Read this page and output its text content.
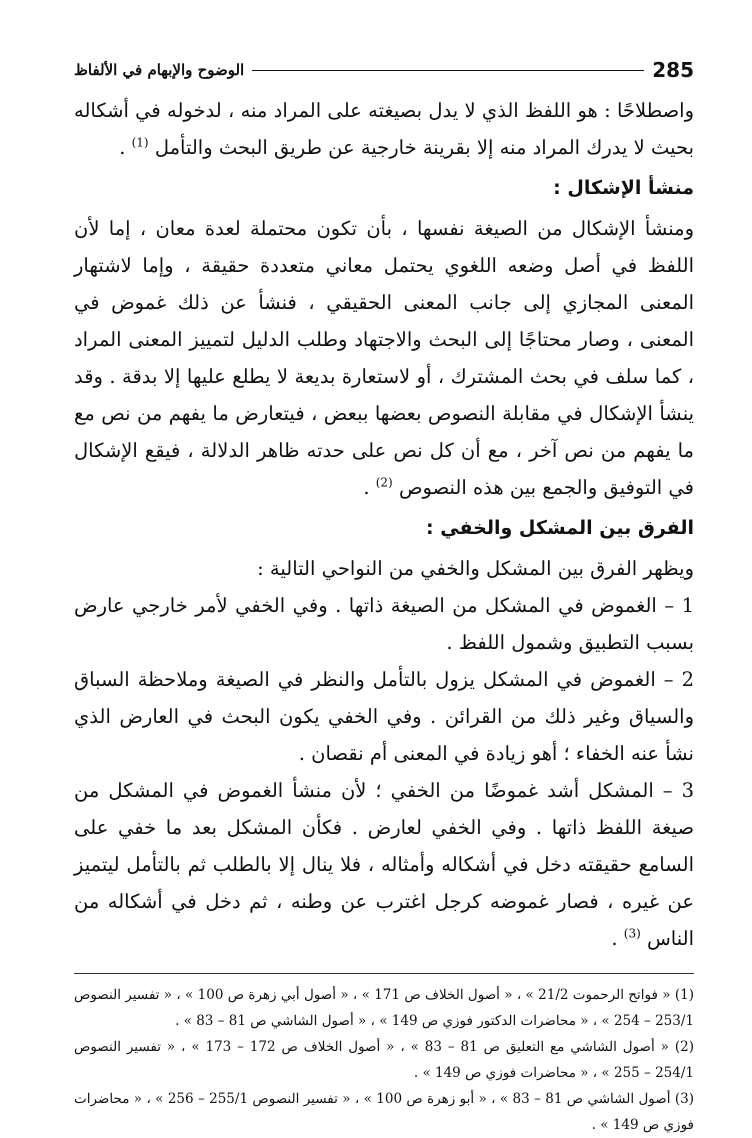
285
الوضوح والإبهام في الألفاظ

واصطلاحًا : هو اللفظ الذي لا يدل بصيغته على المراد منه ، لدخوله في أشكاله بحيث لا يدرك المراد منه إلا بقرينة خارجية عن طريق البحث والتأمل $^{(1)}$ .

منشأ الإشكال :

ومنشأ الإشكال من الصيغة نفسها ، بأن تكون محتملة لعدة معان ، إما لأن اللفظ في أصل وضعه اللغوي يحتمل معاني متعددة حقيقة ، وإما لاشتهار المعنى المجازي إلى جانب المعنى الحقيقي ، فنشأ عن ذلك غموض في المعنى ، وصار محتاجًا إلى البحث والاجتهاد وطلب الدليل لتمييز المعنى المراد ، كما سلف في بحث المشترك ، أو لاستعارة بديعة لا يطلع عليها إلا بدقة . وقد ينشأ الإشكال في مقابلة النصوص بعضها ببعض ، فيتعارض ما يفهم من نص مع ما يفهم من نص آخر ، مع أن كل نص على حدته ظاهر الدلالة ، فيقع الإشكال في التوفيق والجمع بين هذه النصوص $^{(2)}$ .

الفرق بين المشكل والخفي :

ويظهر الفرق بين المشكل والخفي من النواحي التالية :

1 – الغموض في المشكل من الصيغة ذاتها . وفي الخفي لأمر خارجي عارض بسبب التطبيق وشمول اللفظ .

2 – الغموض في المشكل يزول بالتأمل والنظر في الصيغة وملاحظة السباق والسياق وغير ذلك من القرائن . وفي الخفي يكون البحث في العارض الذي نشأ عنه الخفاء ؛ أهو زيادة في المعنى أم نقصان .

3 – المشكل أشد غموضًا من الخفي ؛ لأن منشأ الغموض في المشكل من صيغة اللفظ ذاتها . وفي الخفي لعارض . فكأن المشكل بعد ما خفي على السامع حقيقته دخل في أشكاله وأمثاله ، فلا ينال إلا بالطلب ثم بالتأمل ليتميز عن غيره ، فصار غموضه كرجل اغترب عن وطنه ، ثم دخل في أشكاله من الناس $^{(3)}$ .

(1) « فواتح الرحموت 21/2 » ، « أصول الخلاف ص 171 » ، « أصول أبي زهرة ص 100 » ، « تفسير النصوص 253/1 – 254 » ، « محاضرات الدكتور فوزي ص 149 » ، « أصول الشاشي ص 81 – 83 » .

(2) « أصول الشاشي مع التعليق ص 81 – 83 » ، « أصول الخلاف ص 172 – 173 » ، « تفسير النصوص 254/1 – 255 » ، « محاضرات فوزي ص 149 » .

(3) أصول الشاشي ص 81 – 83 » ، « أبو زهرة ص 100 » ، « تفسير النصوص 255/1 – 256 » ، « محاضرات فوزي ص 149 » .
